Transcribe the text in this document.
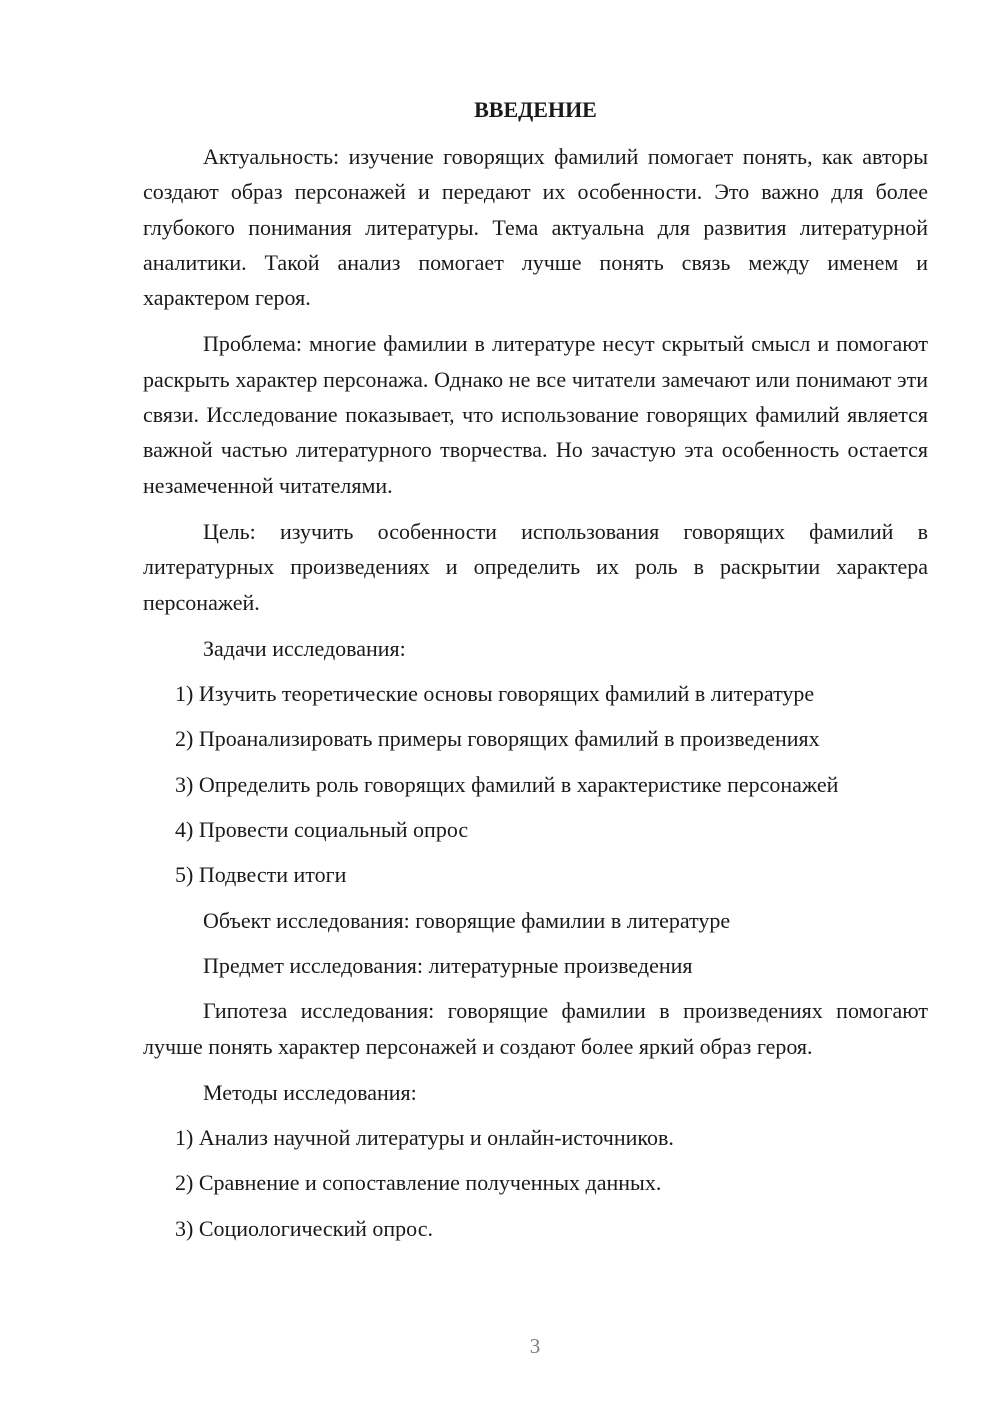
ВВЕДЕНИЕ

Актуальность: изучение говорящих фамилий помогает понять, как авторы создают образ персонажей и передают их особенности. Это важно для более глубокого понимания литературы. Тема актуальна для развития литературной аналитики. Такой анализ помогает лучше понять связь между именем и характером героя.

Проблема: многие фамилии в литературе несут скрытый смысл и помогают раскрыть характер персонажа. Однако не все читатели замечают или понимают эти связи. Исследование показывает, что использование говорящих фамилий является важной частью литературного творчества. Но зачастую эта особенность остается незамеченной читателями.

Цель: изучить особенности использования говорящих фамилий в литературных произведениях и определить их роль в раскрытии характера персонажей.

Задачи исследования:

1) Изучить теоретические основы говорящих фамилий в литературе
2) Проанализировать примеры говорящих фамилий в произведениях
3) Определить роль говорящих фамилий в характеристике персонажей
4) Провести социальный опрос
5) Подвести итоги

Объект исследования: говорящие фамилии в литературе

Предмет исследования: литературные произведения

Гипотеза исследования: говорящие фамилии в произведениях помогают лучше понять характер персонажей и создают более яркий образ героя.

Методы исследования:

1) Анализ научной литературы и онлайн-источников.
2) Сравнение и сопоставление полученных данных.
3) Социологический опрос.
3
